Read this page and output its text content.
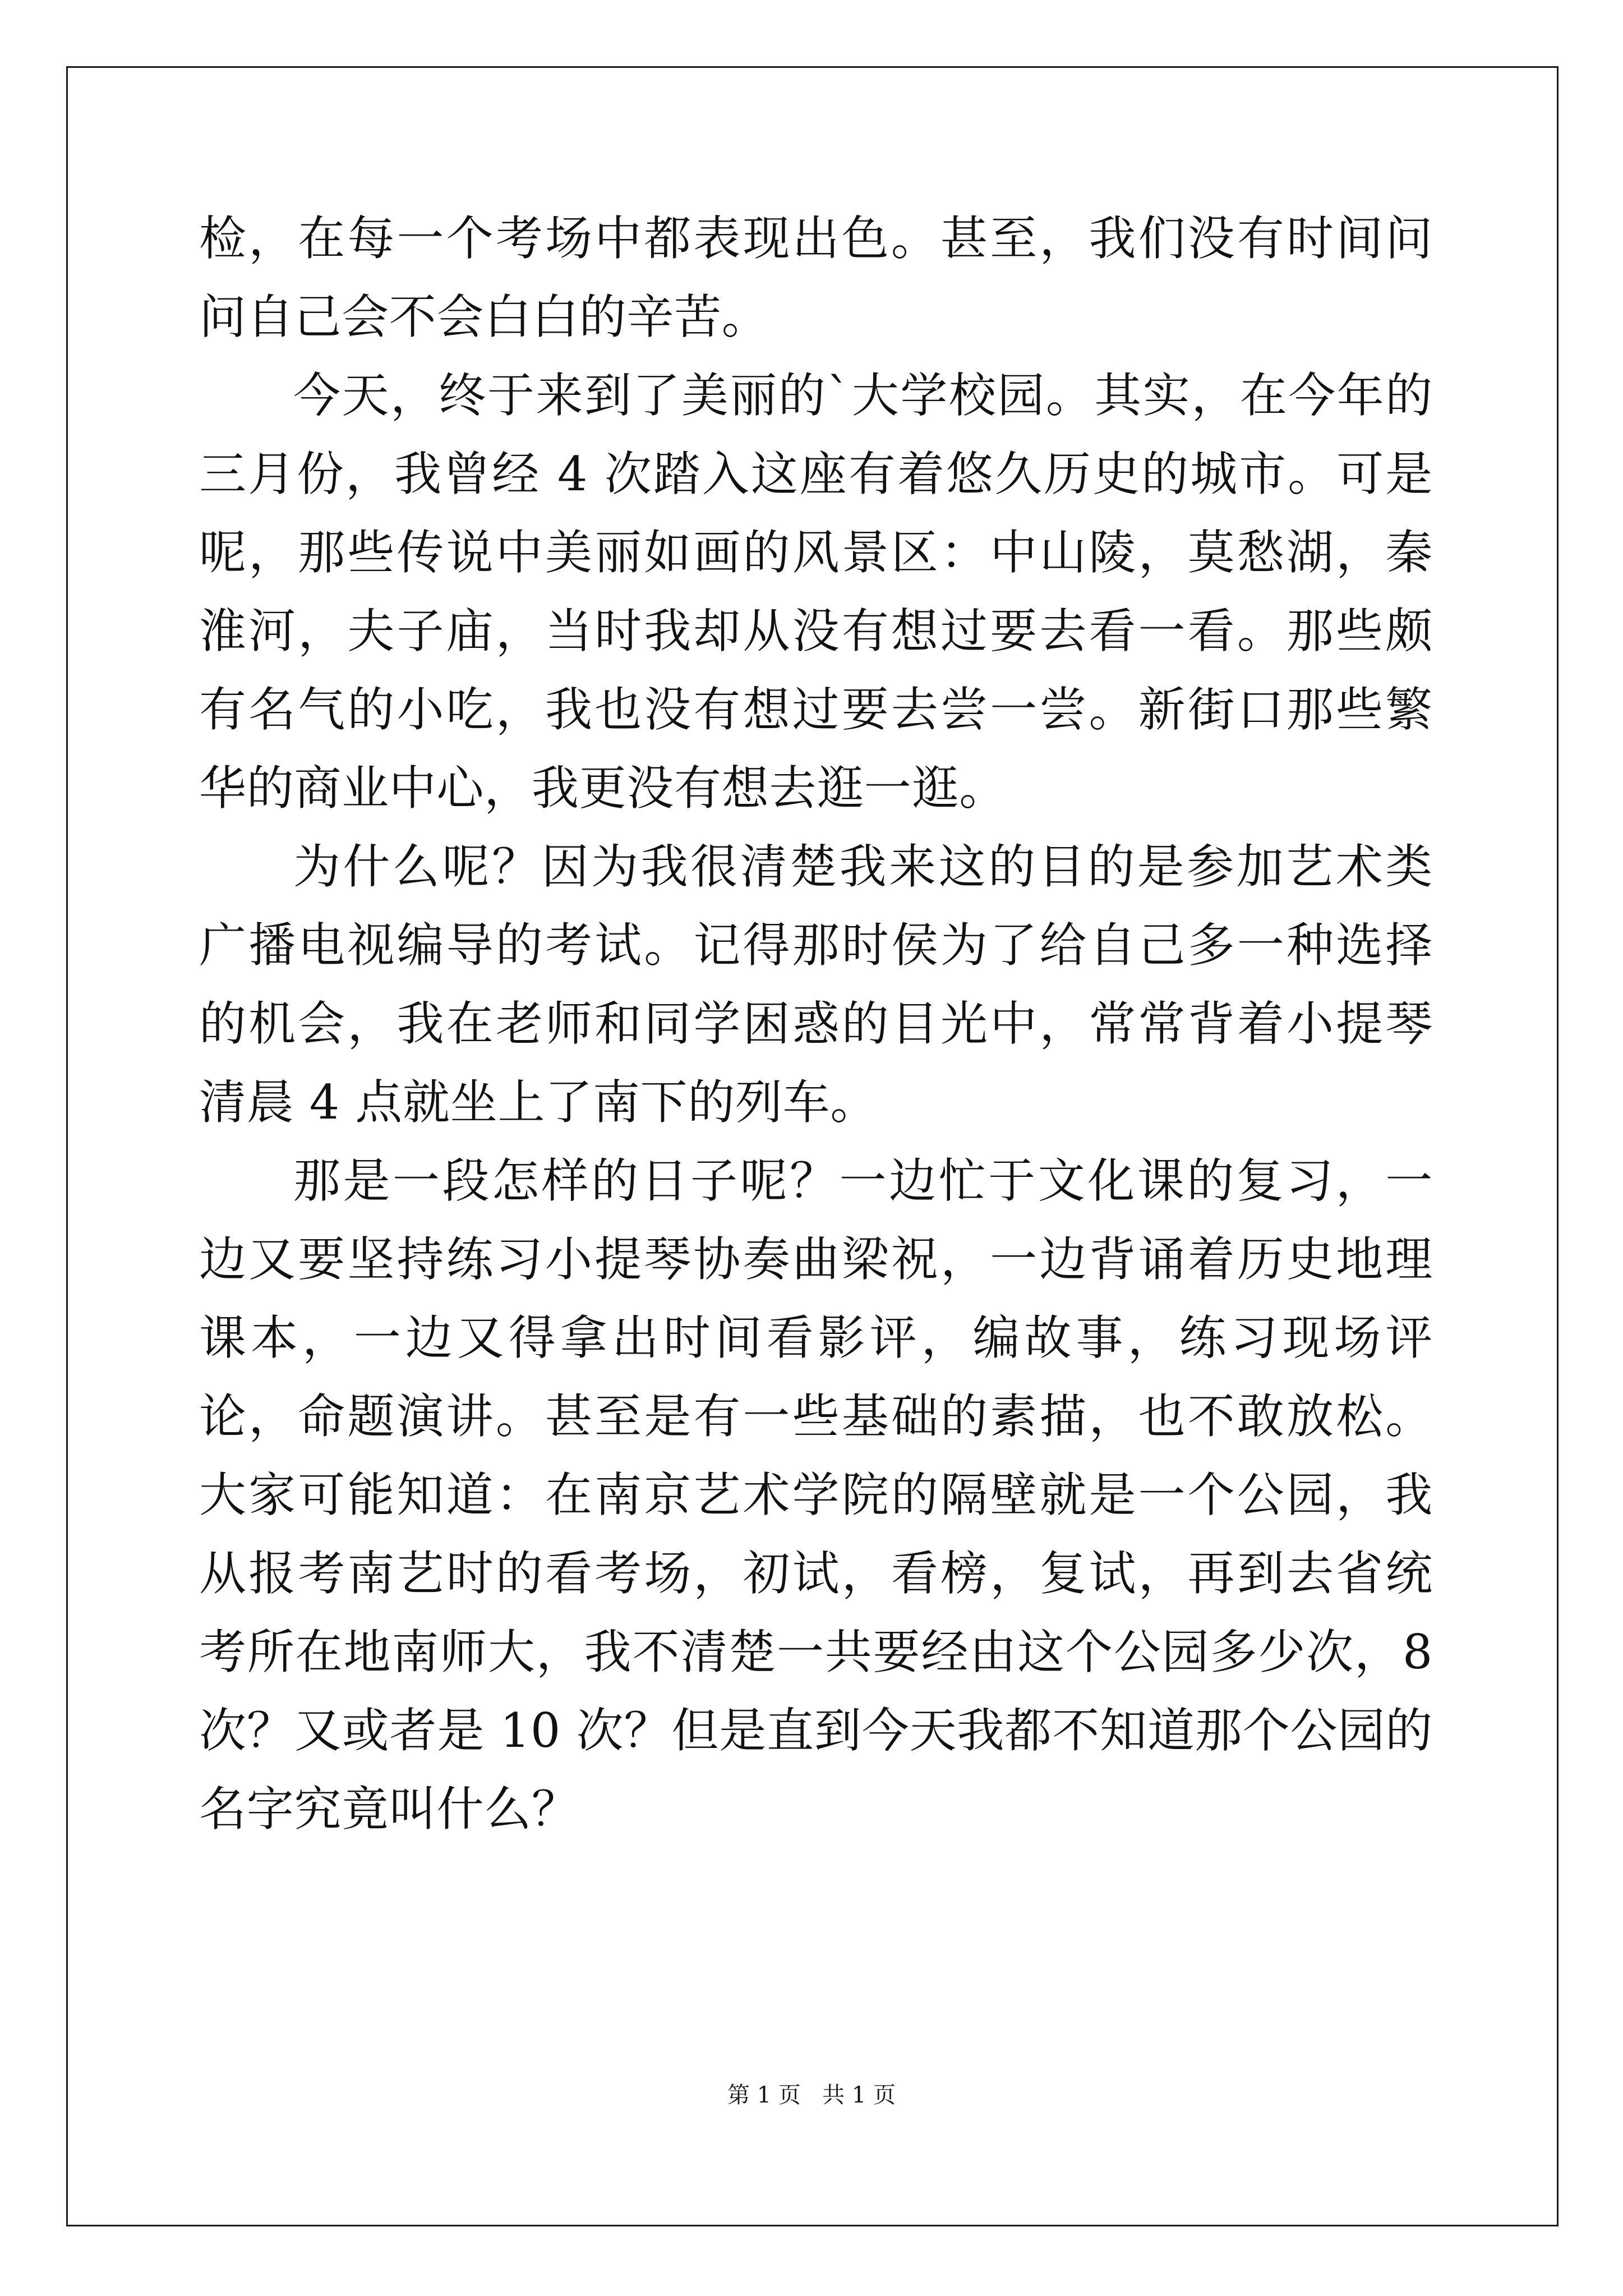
检，在每一个考场中都表现出色。甚至，我们没有时间问问自己会不会白白的辛苦。

今天，终于来到了美丽的`大学校园。其实，在今年的三月份，我曾经 4 次踏入这座有着悠久历史的城市。可是呢，那些传说中美丽如画的风景区：中山陵，莫愁湖，秦淮河，夫子庙，当时我却从没有想过要去看一看。那些颇有名气的小吃，我也没有想过要去尝一尝。新街口那些繁华的商业中心，我更没有想去逛一逛。

为什么呢？因为我很清楚我来这的目的是参加艺术类广播电视编导的考试。记得那时侯为了给自己多一种选择的机会，我在老师和同学困惑的目光中，常常背着小提琴清晨 4 点就坐上了南下的列车。

那是一段怎样的日子呢？一边忙于文化课的复习，一边又要坚持练习小提琴协奏曲梁祝，一边背诵着历史地理课本，一边又得拿出时间看影评，编故事，练习现场评论，命题演讲。甚至是有一些基础的素描，也不敢放松。大家可能知道：在南京艺术学院的隔壁就是一个公园，我从报考南艺时的看考场，初试，看榜，复试，再到去省统考所在地南师大，我不清楚一共要经由这个公园多少次，8 次？又或者是 10 次？但是直到今天我都不知道那个公园的名字究竟叫什么？

第 1 页 共 1 页
